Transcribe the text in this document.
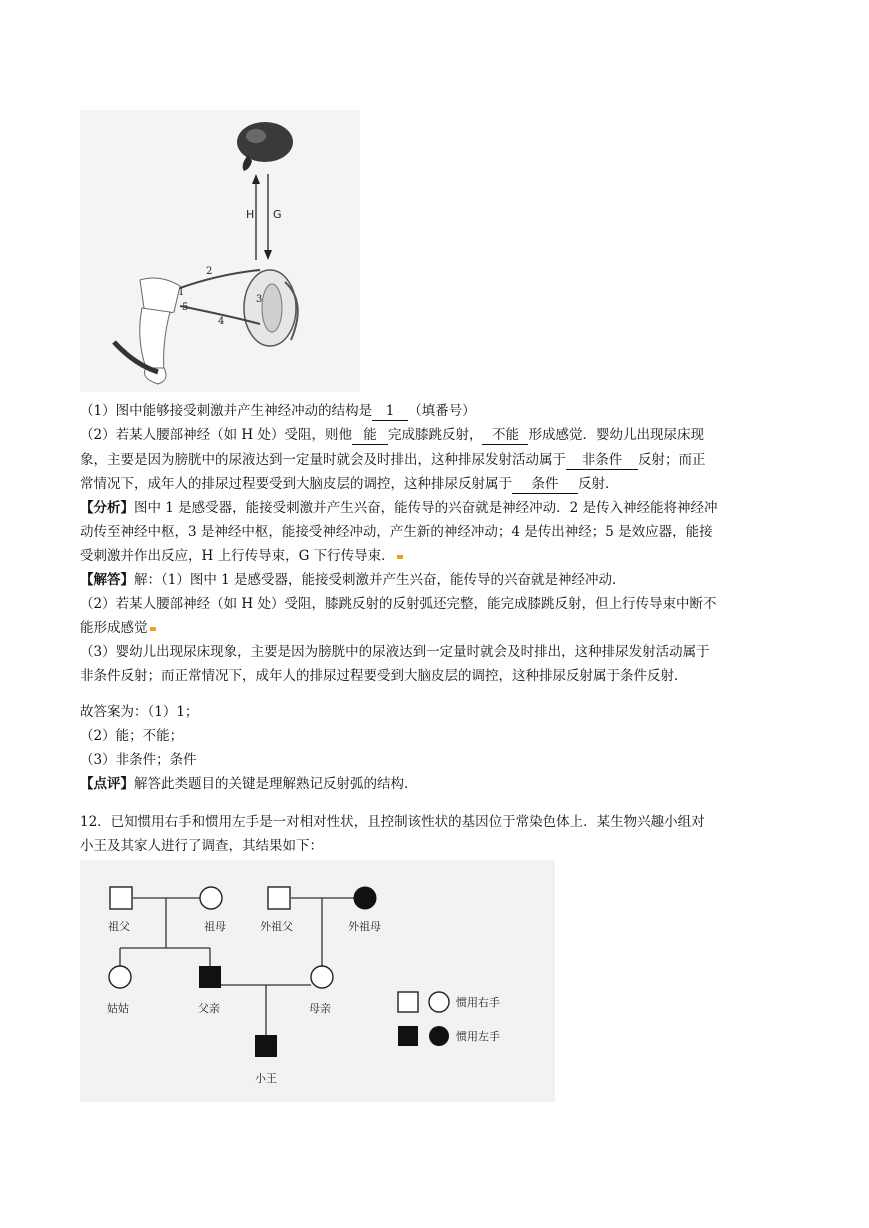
H G
1
2
3
4
5
（1）图中能够接受刺激并产生神经冲动的结构是 1 （填番号）
（2）若某人腰部神经（如 H 处）受阻，则他 能 完成膝跳反射， 不能 形成感觉．婴幼儿出现尿床现
象，主要是因为膀胱中的尿液达到一定量时就会及时排出，这种排尿发射活动属于 非条件 反射；而正
常情况下，成年人的排尿过程要受到大脑皮层的调控，这种排尿反射属于 条件 反射．
【分析】图中 1 是感受器，能接受刺激并产生兴奋，能传导的兴奋就是神经冲动．2 是传入神经能将神经冲
动传至神经中枢，3 是神经中枢，能接受神经冲动，产生新的神经冲动；4 是传出神经；5 是效应器，能接
受刺激并作出反应，H 上行传导束，G 下行传导束．
【解答】解：（1）图中 1 是感受器，能接受刺激并产生兴奋，能传导的兴奋就是神经冲动．
（2）若某人腰部神经（如 H 处）受阻，膝跳反射的反射弧还完整，能完成膝跳反射，但上行传导束中断不
能形成感觉
（3）婴幼儿出现尿床现象，主要是因为膀胱中的尿液达到一定量时就会及时排出，这种排尿发射活动属于
非条件反射；而正常情况下，成年人的排尿过程要受到大脑皮层的调控，这种排尿反射属于条件反射．
故答案为：（1）1；
（2）能；不能；
（3）非条件；条件
【点评】解答此类题目的关键是理解熟记反射弧的结构．
12．已知惯用右手和惯用左手是一对相对性状，且控制该性状的基因位于常染色体上．某生物兴趣小组对
小王及其家人进行了调查，其结果如下：
祖父	祖母	外祖父	外祖母
姑姑	父亲	母亲
小王
惯用右手
惯用左手
